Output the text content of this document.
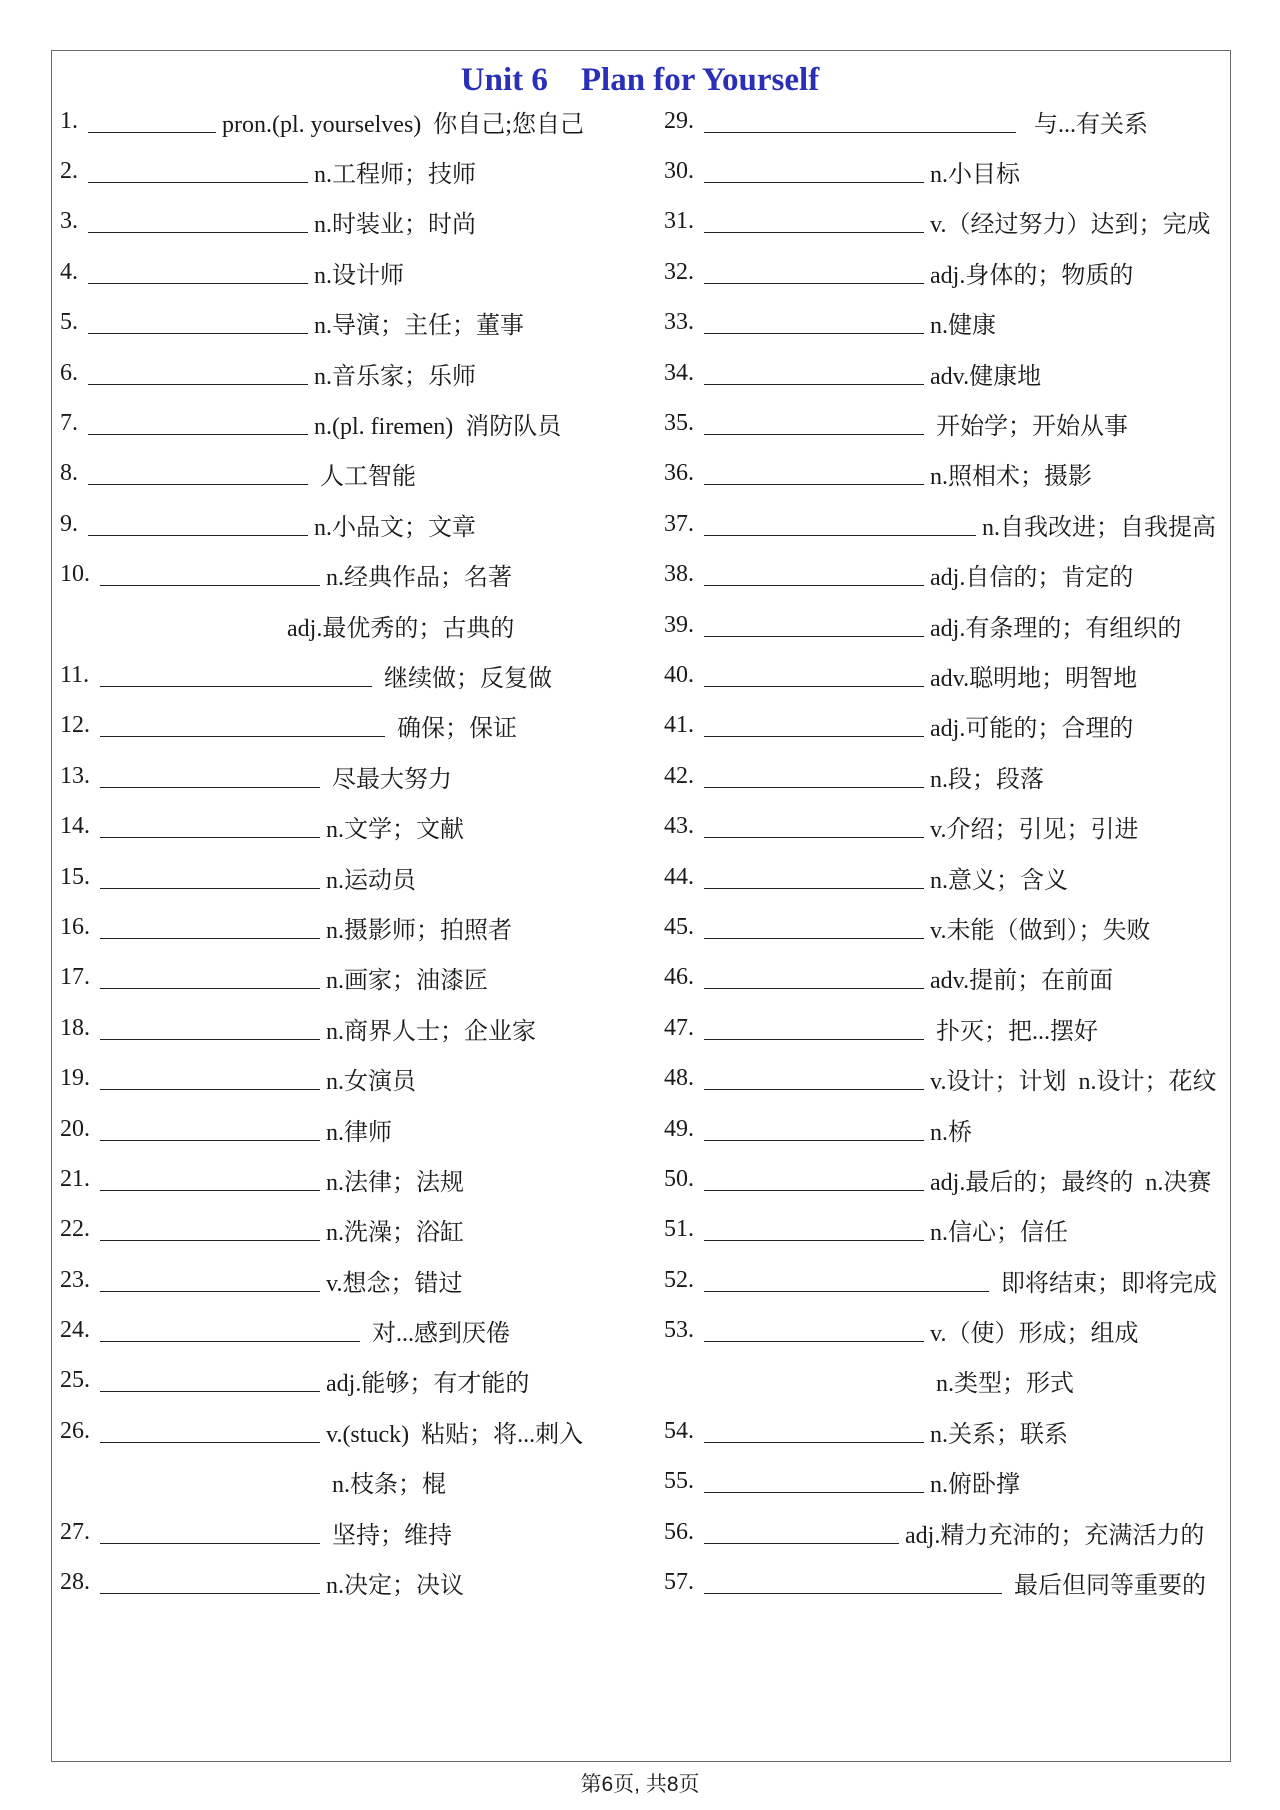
Unit 6    Plan for Yourself
1.	pron.(pl. yourselves)  你自己;您自己
2.	n.工程师；技师
3.	n.时装业；时尚
4.	n.设计师
5.	n.导演；主任；董事
6.	n.音乐家；乐师
7.	n.(pl. firemen)  消防队员
8.	人工智能
9.	n.小品文；文章
10.	n.经典作品；名著
adj.最优秀的；古典的
11.	继续做；反复做
12.	确保；保证
13.	尽最大努力
14.	n.文学；文献
15.	n.运动员
16.	n.摄影师；拍照者
17.	n.画家；油漆匠
18.	n.商界人士；企业家
19.	n.女演员
20.	n.律师
21.	n.法律；法规
22.	n.洗澡；浴缸
23.	v.想念；错过
24.	对...感到厌倦
25.	adj.能够；有才能的
26.	v.(stuck)  粘贴；将...刺入
n.枝条；棍
27.	坚持；维持
28.	n.决定；决议
29.	与...有关系
30.	n.小目标
31.	v.（经过努力）达到；完成
32.	adj.身体的；物质的
33.	n.健康
34.	adv.健康地
35.	开始学；开始从事
36.	n.照相术；摄影
37.	n.自我改进；自我提高
38.	adj.自信的；肯定的
39.	adj.有条理的；有组织的
40.	adv.聪明地；明智地
41.	adj.可能的；合理的
42.	n.段；段落
43.	v.介绍；引见；引进
44.	n.意义；含义
45.	v.未能（做到）；失败
46.	adv.提前；在前面
47.	扑灭；把...摆好
48.	v.设计；计划  n.设计；花纹
49.	n.桥
50.	adj.最后的；最终的  n.决赛
51.	n.信心；信任
52.	即将结束；即将完成
53.	v.（使）形成；组成
n.类型；形式
54.	n.关系；联系
55.	n.俯卧撑
56.	adj.精力充沛的；充满活力的
57.	最后但同等重要的
第6页, 共8页
